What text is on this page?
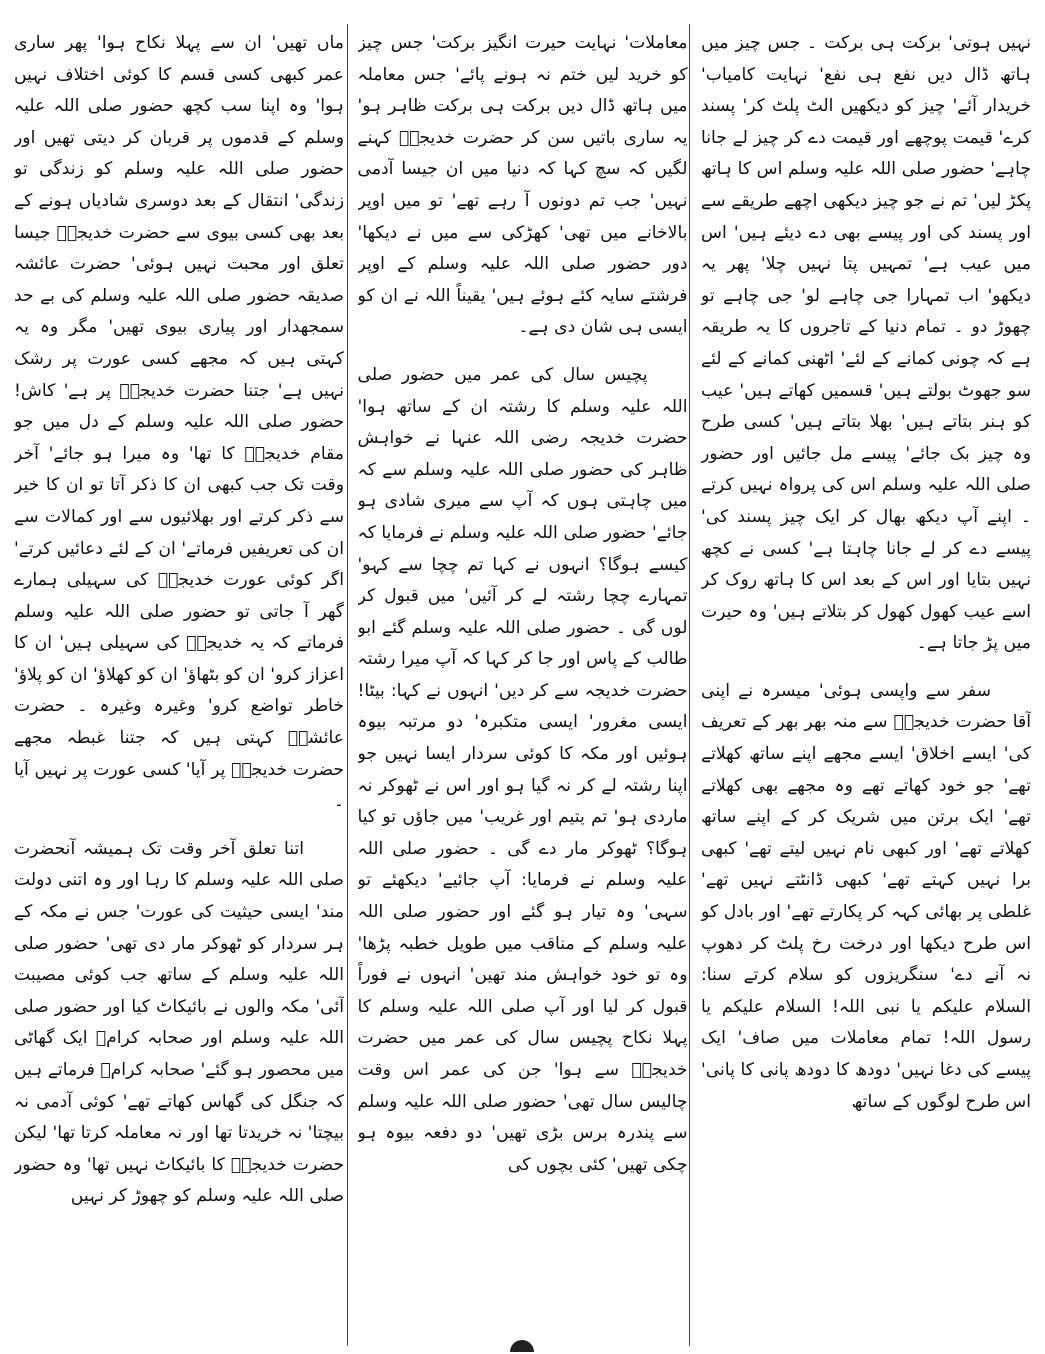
ماں تھیں' ان سے پہلا نکاح ہوا' پھر ساری عمر کبھی کسی قسم کا کوئی اختلاف نہیں ہوا' وہ اپنا سب کچھ حضور صلی اللہ علیہ وسلم کے قدموں پر قربان کر دیتی تھیں اور حضور صلی اللہ علیہ وسلم کو زندگی تو زندگی' انتقال کے بعد دوسری شادیاں ہونے کے بعد بھی کسی بیوی سے حضرت خدیجہؓ جیسا تعلق اور محبت نہیں ہوئی' حضرت عائشہ صدیقہ حضور صلی اللہ علیہ وسلم کی بے حد سمجھدار اور پیاری بیوی تھیں' مگر وہ یہ کہتی ہیں کہ مجھے کسی عورت پر رشک نہیں ہے' جتنا حضرت خدیجہؓ پر ہے' کاش! حضور صلی اللہ علیہ وسلم کے دل میں جو مقام خدیجہؓ کا تھا' وہ میرا ہو جائے' آخر وقت تک جب کبھی ان کا ذکر آتا تو ان کا خیر سے ذکر کرتے اور بھلائیوں سے اور کمالات سے ان کی تعریفیں فرماتے' ان کے لئے دعائیں کرتے' اگر کوئی عورت خدیجہؓ کی سہیلی ہمارے گھر آ جاتی تو حضور صلی اللہ علیہ وسلم فرماتے کہ یہ خدیجہؓ کی سہیلی ہیں' ان کا اعزاز کرو' ان کو بٹھاؤ' ان کو کھلاؤ' ان کو پلاؤ' خاطر تواضع کرو' وغیرہ وغیرہ ۔ حضرت عائشہؓ کہتی ہیں کہ جتنا غبطہ مجھے حضرت خدیجہؓ پر آیا' کسی عورت پر نہیں آیا ۔

اتنا تعلق آخر وقت تک ہمیشہ آنحضرت صلی اللہ علیہ وسلم کا رہا اور وہ اتنی دولت مند' ایسی حیثیت کی عورت' جس نے مکہ کے ہر سردار کو ٹھوکر مار دی تھی' حضور صلی اللہ علیہ وسلم کے ساتھ جب کوئی مصیبت آئی' مکہ والوں نے بائیکاٹ کیا اور حضور صلی اللہ علیہ وسلم اور صحابہ کرامؓ ایک گھاٹی میں محصور ہو گئے' صحابہ کرامؓ فرماتے ہیں کہ جنگل کی گھاس کھاتے تھے' کوئی آدمی نہ بیچتا' نہ خریدتا تھا اور نہ معاملہ کرتا تھا' لیکن حضرت خدیجہؓ کا بائیکاٹ نہیں تھا' وہ حضور صلی اللہ علیہ وسلم کو چھوڑ کر نہیں

معاملات' نہایت حیرت انگیز برکت' جس چیز کو خرید لیں ختم نہ ہونے پائے' جس معاملہ میں ہاتھ ڈال دیں برکت ہی برکت ظاہر ہو' یہ ساری باتیں سن کر حضرت خدیجہؓ کہنے لگیں کہ سچ کہا کہ دنیا میں ان جیسا آدمی نہیں' جب تم دونوں آ رہے تھے' تو میں اوپر بالاخانے میں تھی' کھڑکی سے میں نے دیکھا' دور حضور صلی اللہ علیہ وسلم کے اوپر فرشتے سایہ کئے ہوئے ہیں' یقیناً اللہ نے ان کو ایسی ہی شان دی ہے۔

پچیس سال کی عمر میں حضور صلی اللہ علیہ وسلم کا رشتہ ان کے ساتھ ہوا' حضرت خدیجہ رضی اللہ عنہا نے خواہش ظاہر کی حضور صلی اللہ علیہ وسلم سے کہ میں چاہتی ہوں کہ آپ سے میری شادی ہو جائے' حضور صلی اللہ علیہ وسلم نے فرمایا کہ کیسے ہوگا؟ انہوں نے کہا تم چچا سے کہو' تمہارے چچا رشتہ لے کر آئیں' میں قبول کر لوں گی ۔ حضور صلی اللہ علیہ وسلم گئے ابو طالب کے پاس اور جا کر کہا کہ آپ میرا رشتہ حضرت خدیجہ سے کر دیں' انہوں نے کہا: بیٹا! ایسی مغرور' ایسی متکبرہ' دو مرتبہ بیوہ ہوئیں اور مکہ کا کوئی سردار ایسا نہیں جو اپنا رشتہ لے کر نہ گیا ہو اور اس نے ٹھوکر نہ ماردی ہو' تم یتیم اور غریب' میں جاؤں تو کیا ہوگا؟ ٹھوکر مار دے گی ۔ حضور صلی اللہ علیہ وسلم نے فرمایا: آپ جائیے' دیکھئے تو سہی' وہ تیار ہو گئے اور حضور صلی اللہ علیہ وسلم کے مناقب میں طویل خطبہ پڑھا' وہ تو خود خواہش مند تھیں' انہوں نے فوراً قبول کر لیا اور آپ صلی اللہ علیہ وسلم کا پہلا نکاح پچیس سال کی عمر میں حضرت خدیجہؓ سے ہوا' جن کی عمر اس وقت چالیس سال تھی' حضور صلی اللہ علیہ وسلم سے پندرہ برس بڑی تھیں' دو دفعہ بیوہ ہو چکی تھیں' کئی بچوں کی

نہیں ہوتی' برکت ہی برکت ۔ جس چیز میں ہاتھ ڈال دیں نفع ہی نفع' نہایت کامیاب' خریدار آئے' چیز کو دیکھیں الٹ پلٹ کر' پسند کرے' قیمت پوچھے اور قیمت دے کر چیز لے جانا چاہے' حضور صلی اللہ علیہ وسلم اس کا ہاتھ پکڑ لیں' تم نے جو چیز دیکھی اچھے طریقے سے اور پسند کی اور پیسے بھی دے دیئے ہیں' اس میں عیب ہے' تمہیں پتا نہیں چلا' پھر یہ دیکھو' اب تمہارا جی چاہے لو' جی چاہے تو چھوڑ دو ۔ تمام دنیا کے تاجروں کا یہ طریقہ ہے کہ چونی کمانے کے لئے' اٹھنی کمانے کے لئے سو جھوٹ بولتے ہیں' قسمیں کھاتے ہیں' عیب کو ہنر بتاتے ہیں' بھلا بتاتے ہیں' کسی طرح وہ چیز بک جائے' پیسے مل جائیں اور حضور صلی اللہ علیہ وسلم اس کی پرواہ نہیں کرتے ۔ اپنے آپ دیکھ بھال کر ایک چیز پسند کی' پیسے دے کر لے جانا چاہتا ہے' کسی نے کچھ نہیں بتایا اور اس کے بعد اس کا ہاتھ روک کر اسے عیب کھول کھول کر بتلاتے ہیں' وہ حیرت میں پڑ جاتا ہے۔

سفر سے واپسی ہوئی' میسرہ نے اپنی آقا حضرت خدیجہؓ سے منہ بھر بھر کے تعریف کی' ایسے اخلاق' ایسے مجھے اپنے ساتھ کھلاتے تھے' جو خود کھاتے تھے وہ مجھے بھی کھلاتے تھے' ایک برتن میں شریک کر کے اپنے ساتھ کھلاتے تھے' اور کبھی نام نہیں لیتے تھے' کبھی برا نہیں کہتے تھے' کبھی ڈانٹتے نہیں تھے' غلطی پر بھائی کہہ کر پکارتے تھے' اور بادل کو اس طرح دیکھا اور درخت رخ پلٹ کر دھوپ نہ آنے دے' سنگریزوں کو سلام کرتے سنا: السلام علیکم یا نبی اللہ! السلام علیکم یا رسول اللہ! تمام معاملات میں صاف' ایک پیسے کی دغا نہیں' دودھ کا دودھ پانی کا پانی' اس طرح لوگوں کے ساتھ
